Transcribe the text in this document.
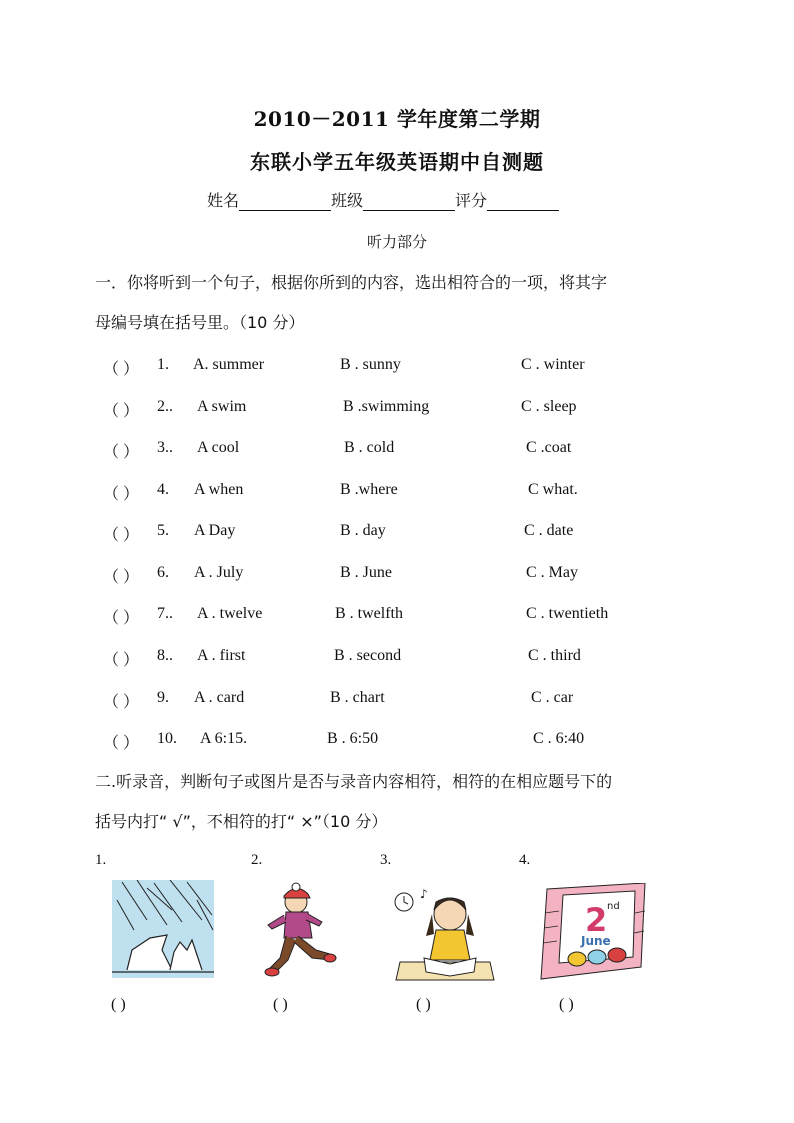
2010－2011 学年度第二学期
东联小学五年级英语期中自测题
姓名	班级	评分
听力部分
一．你将听到一个句子，根据你所到的内容，选出相符合的一项，将其字
母编号填在括号里。（10 分）
（ ） 1. A. summer	B . sunny	C . winter
（ ） 2.. A swim	B .swimming	C . sleep
（ ） 3.. A cool	B . cold	C .coat
（ ） 4. A when	B .where	C what.
（ ） 5. A Day	B . day	C . date
（ ） 6. A . July	B . June	C . May
（ ） 7.. A . twelve	B . twelfth	C . twentieth
（ ） 8.. A . first	B . second	C . third
（ ） 9. A . card	B . chart	C . car
（ ） 10. A 6:15.	B . 6:50	C . 6:40
二.听录音，判断句子或图片是否与录音内容相符，相符的在相应题号下的
括号内打“ √”，不相符的打“ ×”（10 分）
1.	2.	3.	4.
♪
2 nd
June
( )	( )	( )	( )
